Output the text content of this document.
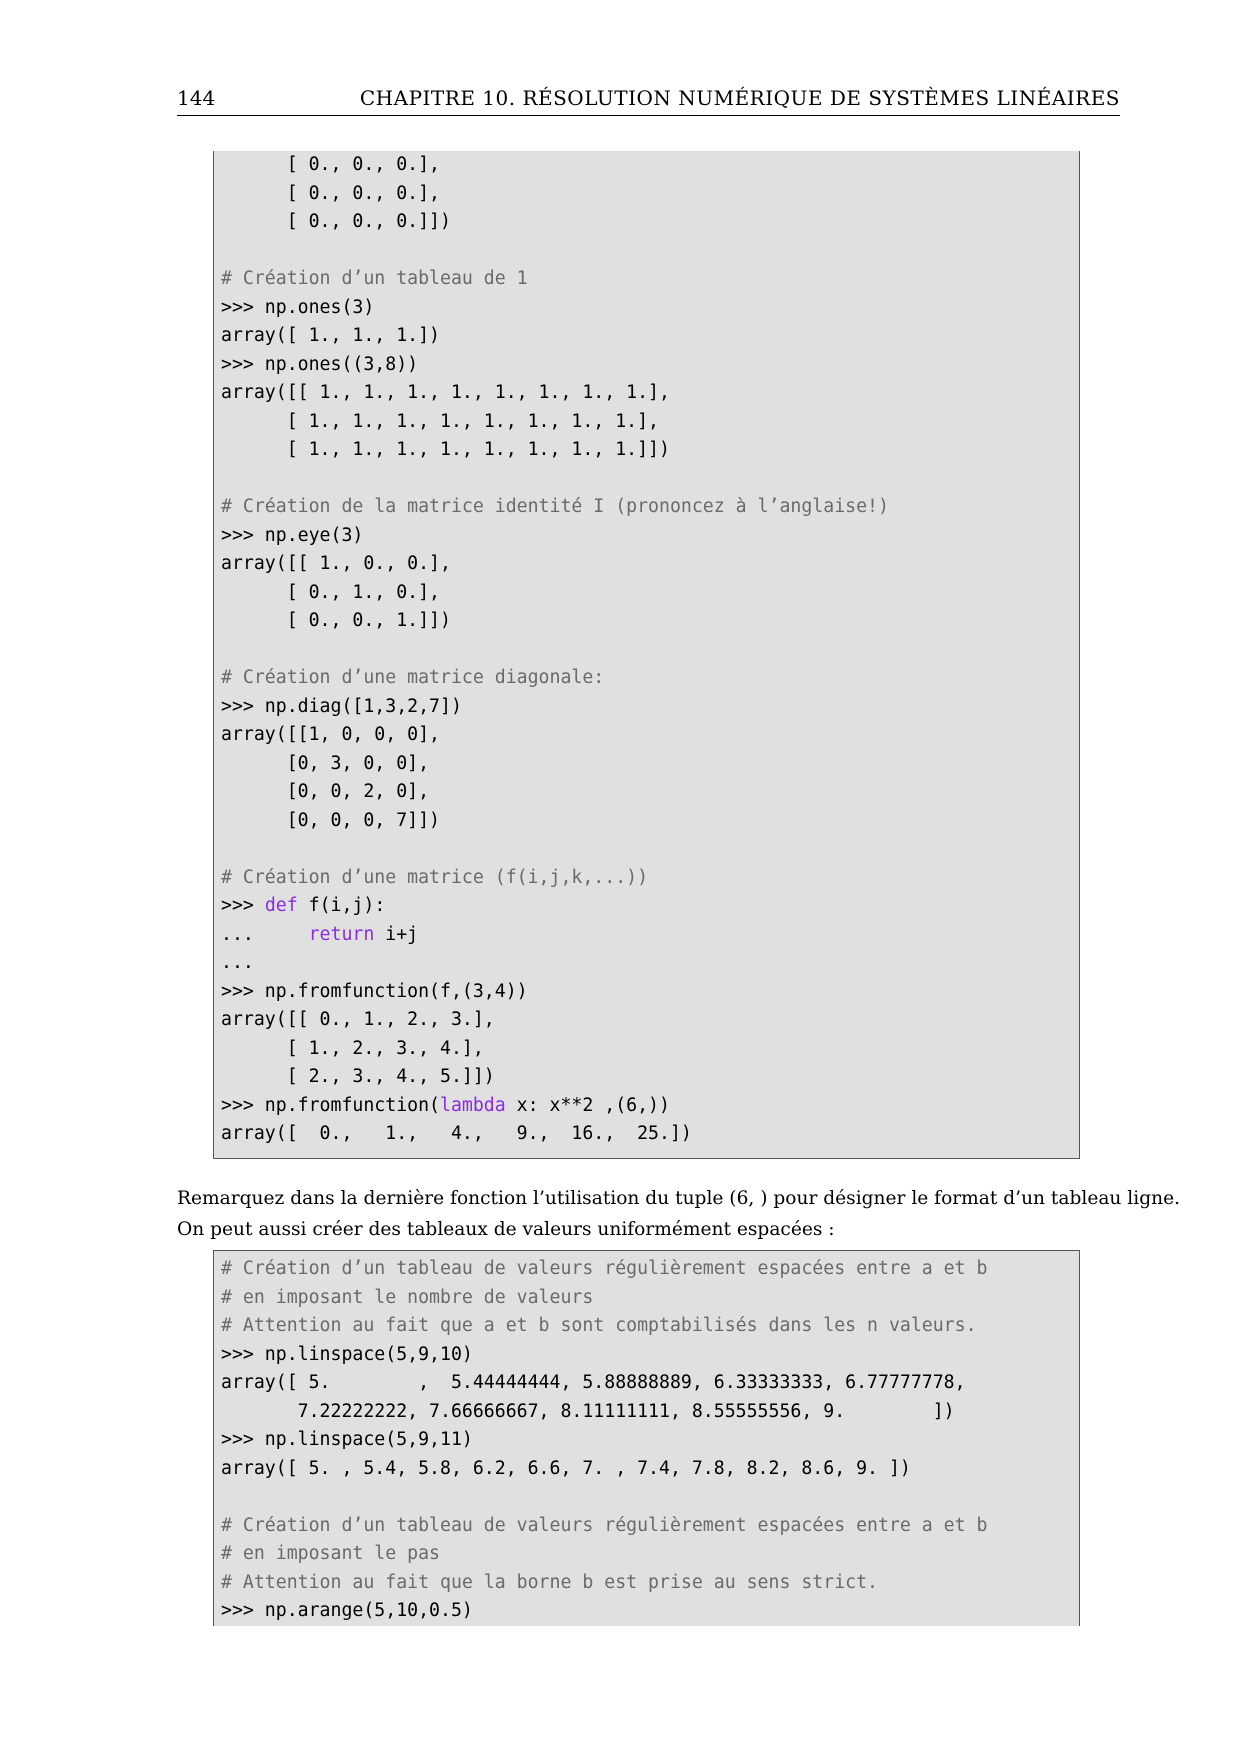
144	CHAPITRE 10. RÉSOLUTION NUMÉRIQUE DE SYSTÈMES LINÉAIRES
[ 0., 0., 0.],
[ 0., 0., 0.],
[ 0., 0., 0.]])
# Création d’un tableau de 1
>>> np.ones(3)
array([ 1., 1., 1.])
>>> np.ones((3,8))
array([[ 1., 1., 1., 1., 1., 1., 1., 1.],
[ 1., 1., 1., 1., 1., 1., 1., 1.],
[ 1., 1., 1., 1., 1., 1., 1., 1.]])
# Création de la matrice identité I (prononcez à l’anglaise!)
>>> np.eye(3)
array([[ 1., 0., 0.],
[ 0., 1., 0.],
[ 0., 0., 1.]])
# Création d’une matrice diagonale:
>>> np.diag([1,3,2,7])
array([[1, 0, 0, 0],
[0, 3, 0, 0],
[0, 0, 2, 0],
[0, 0, 0, 7]])
# Création d’une matrice (f(i,j,k,...))
>>> def f(i,j):
...     return i+j
...
>>> np.fromfunction(f,(3,4))
array([[ 0., 1., 2., 3.],
[ 1., 2., 3., 4.],
[ 2., 3., 4., 5.]])
>>> np.fromfunction(lambda x: x**2 ,(6,))
array([  0.,   1.,   4.,   9.,  16.,  25.])
Remarquez dans la dernière fonction l’utilisation du tuple (6, ) pour désigner le format d’un tableau ligne.
On peut aussi créer des tableaux de valeurs uniformément espacées :
# Création d’un tableau de valeurs régulièrement espacées entre a et b
# en imposant le nombre de valeurs
# Attention au fait que a et b sont comptabilisés dans les n valeurs.
>>> np.linspace(5,9,10)
array([ 5.        ,  5.44444444, 5.88888889, 6.33333333, 6.77777778,
7.22222222, 7.66666667, 8.11111111, 8.55555556, 9.        ])
>>> np.linspace(5,9,11)
array([ 5. , 5.4, 5.8, 6.2, 6.6, 7. , 7.4, 7.8, 8.2, 8.6, 9. ])
# Création d’un tableau de valeurs régulièrement espacées entre a et b
# en imposant le pas
# Attention au fait que la borne b est prise au sens strict.
>>> np.arange(5,10,0.5)
